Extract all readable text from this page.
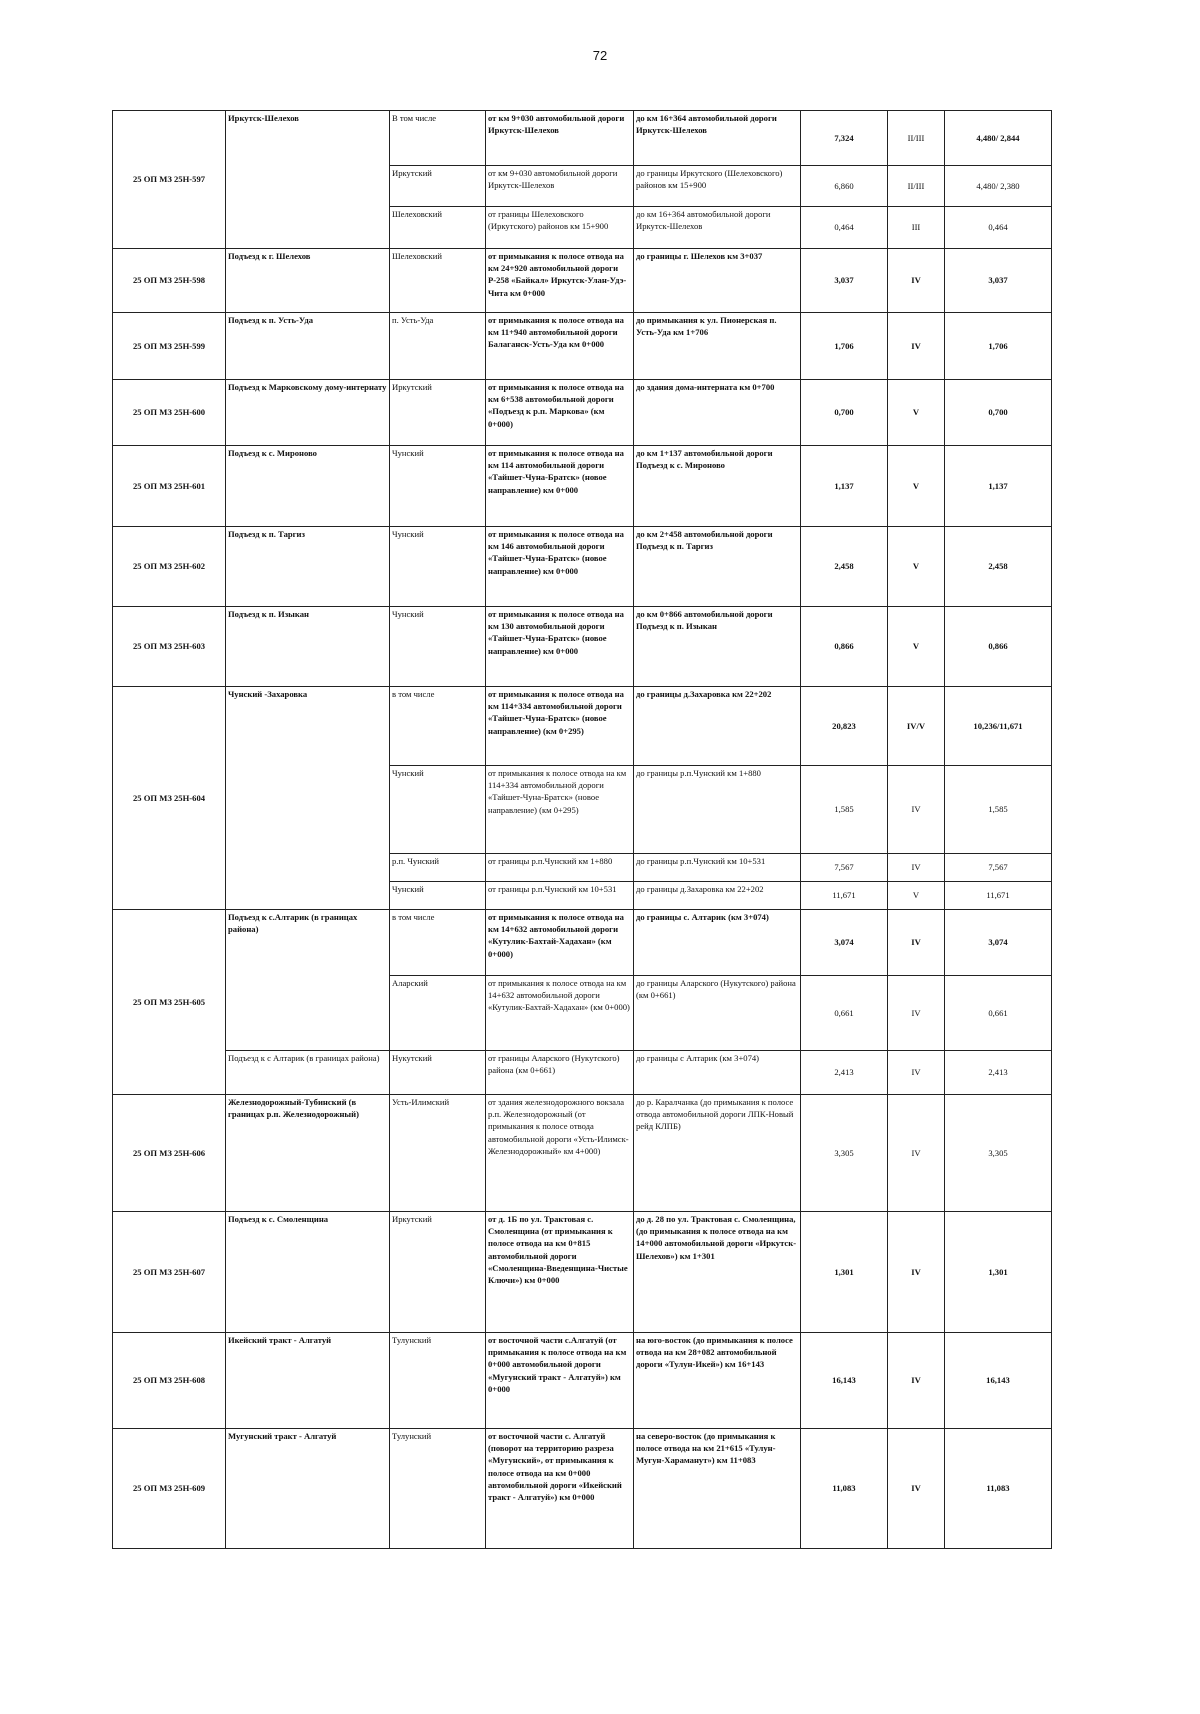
72
25 ОП МЗ 25Н-597	Иркутск-Шелехов	В том числе	от км 9+030 автомобильной дороги Иркутск-Шелехов	до км 16+364 автомобильной дороги Иркутск-Шелехов	7,324	II/III	4,480/ 2,844
		Иркутский	от км 9+030 автомобильной дороги Иркутск-Шелехов	до границы Иркутского (Шелеховского) районов км 15+900	6,860	II/III	4,480/ 2,380
		Шелеховский	от границы Шелеховского (Иркутского) районов км 15+900	до км 16+364 автомобильной дороги Иркутск-Шелехов	0,464	III	0,464
25 ОП МЗ 25Н-598	Подъезд к г. Шелехов	Шелеховский	от примыкания к полосе отвода на км 24+920 автомобильной дороги Р-258 «Байкал» Иркутск-Улан-Удэ-Чита км 0+000	до границы г. Шелехов км 3+037	3,037	IV	3,037
25 ОП МЗ 25Н-599	Подъезд к п. Усть-Уда	п. Усть-Уда	от примыкания к полосе отвода на км 11+940 автомобильной дороги Балаганск-Усть-Уда км 0+000	до примыкания к ул. Пионерская п. Усть-Уда км 1+706	1,706	IV	1,706
25 ОП МЗ 25Н-600	Подъезд к Марковскому дому-интернату	Иркутский	от примыкания к полосе отвода на км 6+538 автомобильной дороги «Подъезд к р.п. Маркова» (км 0+000)	до здания дома-интерната км 0+700	0,700	V	0,700
25 ОП МЗ 25Н-601	Подъезд к с. Мироново	Чунский	от примыкания к полосе отвода на км 114 автомобильной дороги «Тайшет-Чуна-Братск» (новое направление) км 0+000	до км 1+137 автомобильной дороги Подъезд к с. Мироново	1,137	V	1,137
25 ОП МЗ 25Н-602	Подъезд к п. Таргиз	Чунский	от примыкания к полосе отвода на км 146 автомобильной дороги «Тайшет-Чуна-Братск» (новое направление) км 0+000	до км 2+458 автомобильной дороги Подъезд к п. Таргиз	2,458	V	2,458
25 ОП МЗ 25Н-603	Подъезд к п. Изыкан	Чунский	от примыкания к полосе отвода на км 130 автомобильной дороги «Тайшет-Чуна-Братск» (новое направление) км 0+000	до км 0+866 автомобильной дороги Подъезд к п. Изыкан	0,866	V	0,866
25 ОП МЗ 25Н-604	Чунский -Захаровка	в том числе	от примыкания к полосе отвода на км 114+334 автомобильной дороги «Тайшет-Чуна-Братск» (новое направление) (км 0+295)	до границы д.Захаровка км 22+202	20,823	IV/V	10,236/11,671
		Чунский	от примыкания к полосе отвода на км 114+334 автомобильной дороги «Тайшет-Чуна-Братск» (новое направление) (км 0+295)	до границы р.п.Чунский км 1+880	1,585	IV	1,585
		р.п. Чунский	от границы р.п.Чунский км 1+880	до границы р.п.Чунский км 10+531	7,567	IV	7,567
		Чунский	от границы р.п.Чунский км 10+531	до границы д.Захаровка км 22+202	11,671	V	11,671
25 ОП МЗ 25Н-605	Подъезд к с.Алтарик (в границах района)	в том числе	от примыкания к полосе отвода на км 14+632 автомобильной дороги «Кутулик-Бахтай-Хадахан» (км 0+000)	до границы с. Алтарик (км 3+074)	3,074	IV	3,074
		Аларский	от примыкания к полосе отвода на км 14+632 автомобильной дороги «Кутулик-Бахтай-Хадахан» (км 0+000)	до границы Аларского (Нукутского) района (км 0+661)	0,661	IV	0,661
	Подъезд к с Алтарик (в границах района)	Нукутский	от границы Аларского (Нукутского) района (км 0+661)	до границы с Алтарик (км 3+074)	2,413	IV	2,413
25 ОП МЗ 25Н-606	Железнодорожный-Тубинский (в границах р.п. Железнодорожный)	Усть-Илимский	от здания железнодорожного вокзала р.п. Железнодорожный (от примыкания к полосе отвода автомобильной дороги «Усть-Илимск-Железнодорожный» км 4+000)	до р. Каралчанка (до примыкания к полосе отвода автомобильной дороги ЛПК-Новый рейд КЛПБ)	3,305	IV	3,305
25 ОП МЗ 25Н-607	Подъезд к с. Смоленщина	Иркутский	от д. 1Б по ул. Трактовая с. Смоленщина (от примыкания к полосе отвода на км 0+815 автомобильной дороги «Смоленщина-Введенщина-Чистые Ключи») км 0+000	до д. 28 по ул. Трактовая с. Смоленщина, (до примыкания к полосе отвода на км 14+000 автомобильной дороги «Иркутск-Шелехов») км 1+301	1,301	IV	1,301
25 ОП МЗ 25Н-608	Икейский тракт - Алгатуй	Тулунский	от восточной части с.Алгатуй (от примыкания к полосе отвода на км 0+000 автомобильной дороги «Мугунский тракт - Алгатуй») км 0+000	на юго-восток (до примыкания к полосе отвода на км 28+082 автомобильной дороги «Тулун-Икей») км 16+143	16,143	IV	16,143
25 ОП МЗ 25Н-609	Мугунский тракт - Алгатуй	Тулунский	от восточной части с. Алгатуй (поворот на территорию разреза «Мугунский», от примыкания к полосе отвода на км 0+000 автомобильной дороги «Икейский тракт - Алгатуй») км 0+000	на северо-восток (до примыкания к полосе отвода на км 21+615 «Тулун-Мугун-Хараманут») км 11+083	11,083	IV	11,083
